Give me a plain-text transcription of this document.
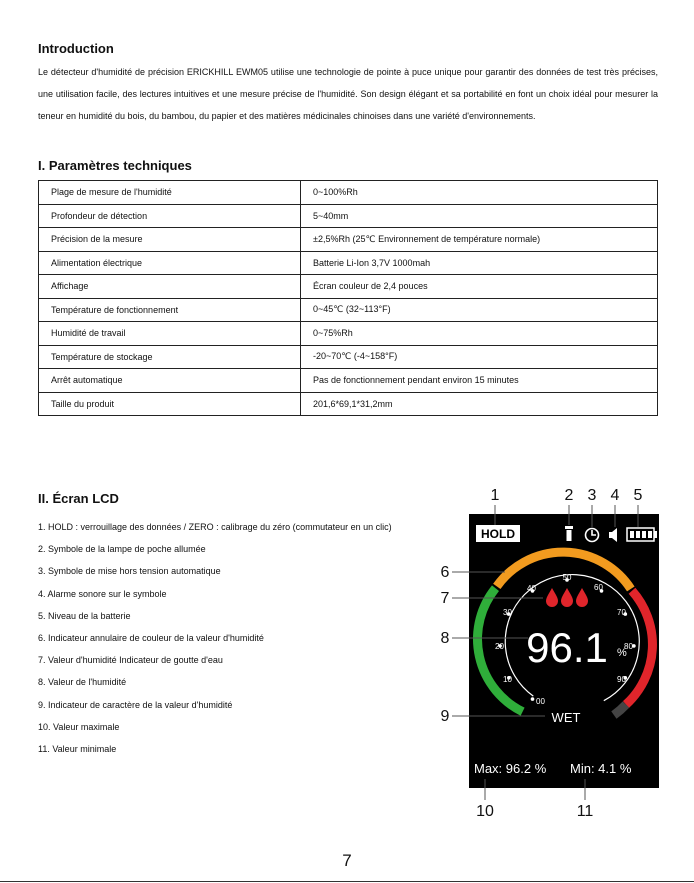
Introduction

Le détecteur d'humidité de précision ERICKHILL EWM05 utilise une technologie de pointe à puce unique pour garantir des données de test très précises, une utilisation facile, des lectures intuitives et une mesure précise de l'humidité. Son design élégant et sa portabilité en font un choix idéal pour mesurer la teneur en humidité du bois, du bambou, du papier et des matières médicinales chinoises dans une variété d'environnements.

I. Paramètres techniques
Plage de mesure de l'humidité	0~100%Rh
Profondeur de détection	5~40mm
Précision de la mesure	±2,5%Rh (25℃ Environnement de température normale)
Alimentation électrique	Batterie Li-Ion 3,7V 1000mah
Affichage	Écran couleur de 2,4 pouces
Température de fonctionnement	0~45℃ (32~113°F)
Humidité de travail	0~75%Rh
Température de stockage	-20~70℃ (-4~158°F)
Arrêt automatique	Pas de fonctionnement pendant environ 15 minutes
Taille du produit	201,6*69,1*31,2mm
II. Écran LCD
1. HOLD : verrouillage des données / ZERO : calibrage du zéro (commutateur en un clic)
2. Symbole de la lampe de poche allumée
3. Symbole de mise hors tension automatique
4. Alarme sonore sur le symbole
5. Niveau de la batterie
6. Indicateur annulaire de couleur de la valeur d'humidité
7. Valeur d'humidité Indicateur de goutte d'eau
8. Valeur de l'humidité
9. Indicateur de caractère de la valeur d'humidité
10. Valeur maximale
11. Valeur minimale
HOLD
00
10
20
30
40
50
60
70
80
90
96.1 %
WET
Max: 96.2 % Min: 4.1 %
1	2 3 4 5
6
7
8
9
10	11
7
